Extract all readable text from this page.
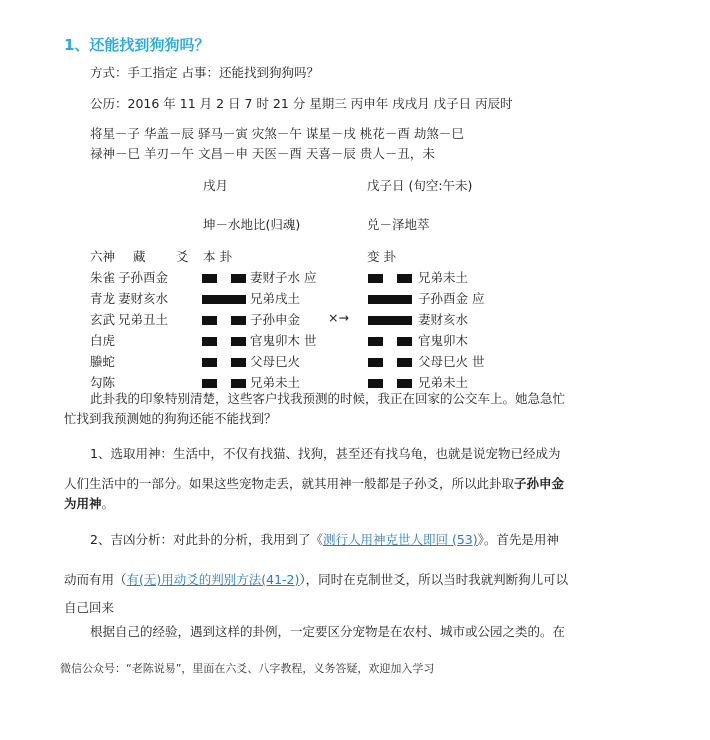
1、还能找到狗狗吗？
方式：手工指定 占事：还能找到狗狗吗？
公历：2016 年 11 月 2 日 7 时 21 分 星期三 丙申年 戌戌月 戊子日 丙辰时
将星－子 华盖－辰 驿马－寅 灾煞－午 谋星－戌 桃花－酉 劫煞－巳
禄神－巳 羊刃－午 文昌－申 天医－酉 天喜－辰 贵人－丑，未
戌月	戊子日 (旬空:午未)
坤－水地比(归魂)	兑－泽地萃
六神 藏 爻 本 卦	变 卦
朱雀 子孙酉金	妻财子水 应	兄弟未土
青龙 妻财亥水	兄弟戌土	子孙酉金 应
玄武 兄弟丑土	子孙申金 ×→	妻财亥水
白虎	官鬼卯木 世	官鬼卯木
螣蛇	父母巳火	父母巳火 世
勾陈	兄弟未土	兄弟未土
此卦我的印象特别清楚，这些客户找我预测的时候，我正在回家的公交车上。她急急忙
忙找到我预测她的狗狗还能不能找到？
1、选取用神：生活中，不仅有找猫、找狗，甚至还有找乌龟，也就是说宠物已经成为
人们生活中的一部分。如果这些宠物走丢，就其用神一般都是子孙爻，所以此卦取子孙申金
为用神。
2、吉凶分析：对此卦的分析，我用到了《测行人用神克世人即回 (53)》。首先是用神
动而有用（有(无)用动爻的判别方法(41-2)），同时在克制世爻，所以当时我就判断狗儿可以
自己回来
根据自己的经验，遇到这样的卦例，一定要区分宠物是在农村、城市或公园之类的。在
微信公众号：“老陈说易”，里面在六爻、八字教程，义务答疑，欢迎加入学习
